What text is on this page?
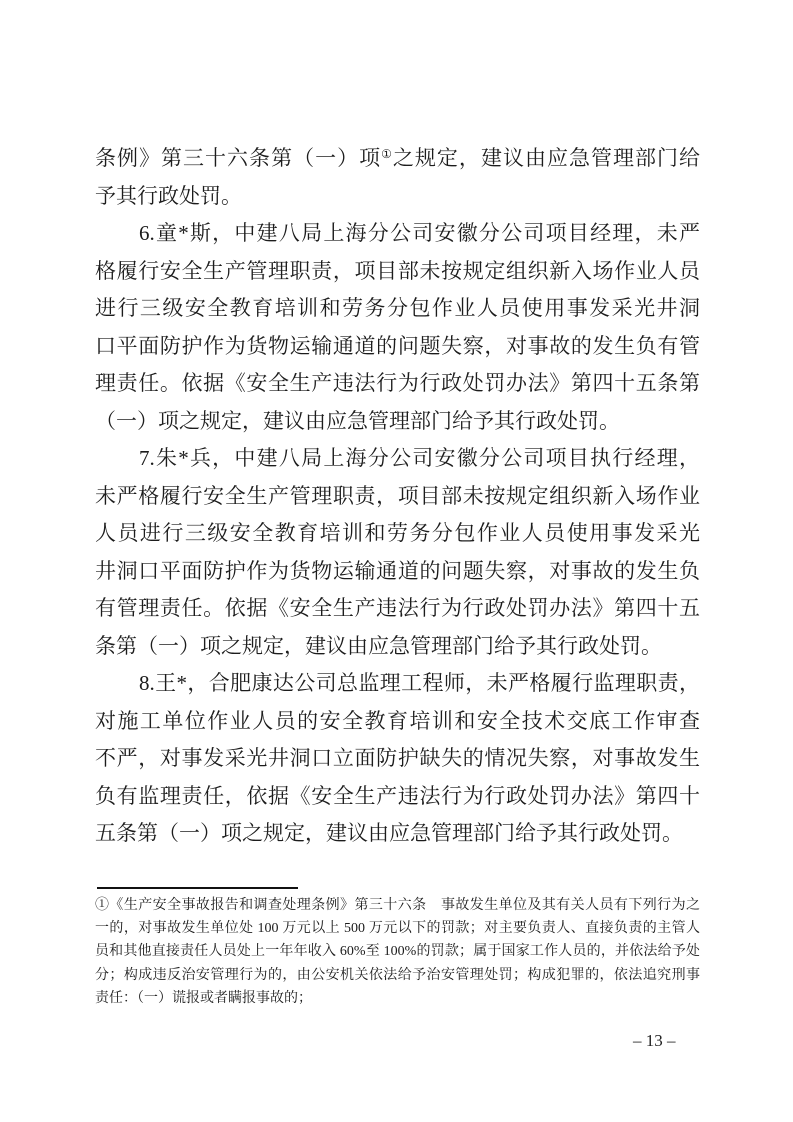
条例》第三十六条第（一）项①之规定，建议由应急管理部门给
予其行政处罚。
6.童*斯，中建八局上海分公司安徽分公司项目经理，未严
格履行安全生产管理职责，项目部未按规定组织新入场作业人员
进行三级安全教育培训和劳务分包作业人员使用事发采光井洞
口平面防护作为货物运输通道的问题失察，对事故的发生负有管
理责任。依据《安全生产违法行为行政处罚办法》第四十五条第
（一）项之规定，建议由应急管理部门给予其行政处罚。
7.朱*兵，中建八局上海分公司安徽分公司项目执行经理，
未严格履行安全生产管理职责，项目部未按规定组织新入场作业
人员进行三级安全教育培训和劳务分包作业人员使用事发采光
井洞口平面防护作为货物运输通道的问题失察，对事故的发生负
有管理责任。依据《安全生产违法行为行政处罚办法》第四十五
条第（一）项之规定，建议由应急管理部门给予其行政处罚。
8.王*，合肥康达公司总监理工程师，未严格履行监理职责，
对施工单位作业人员的安全教育培训和安全技术交底工作审查
不严，对事发采光井洞口立面防护缺失的情况失察，对事故发生
负有监理责任，依据《安全生产违法行为行政处罚办法》第四十
五条第（一）项之规定，建议由应急管理部门给予其行政处罚。
①《生产安全事故报告和调查处理条例》第三十六条　事故发生单位及其有关人员有下列行为之
一的，对事故发生单位处 100 万元以上 500 万元以下的罚款；对主要负责人、直接负责的主管人
员和其他直接责任人员处上一年年收入 60%至 100%的罚款；属于国家工作人员的，并依法给予处
分；构成违反治安管理行为的，由公安机关依法给予治安管理处罚；构成犯罪的，依法追究刑事
责任：（一）谎报或者瞒报事故的；
– 13 –
